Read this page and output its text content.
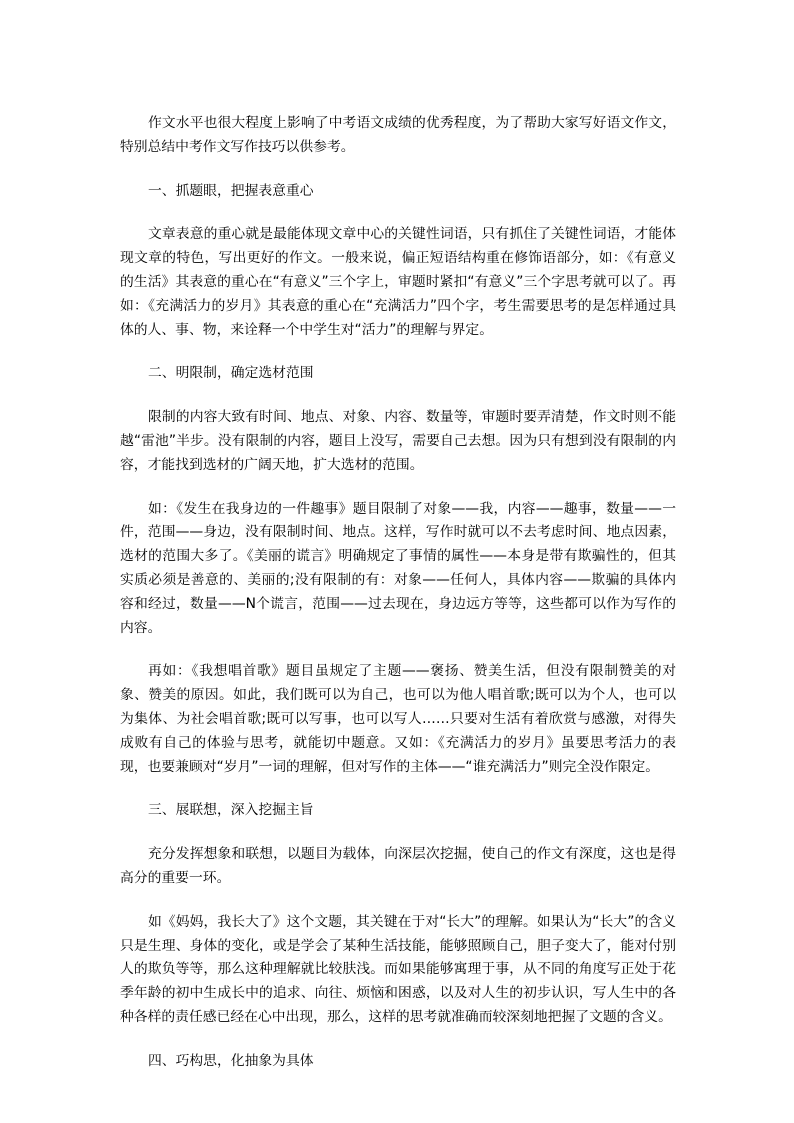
作文水平也很大程度上影响了中考语文成绩的优秀程度，为了帮助大家写好语文作文，特别总结中考作文写作技巧以供参考。

一、抓题眼，把握表意重心

文章表意的重心就是最能体现文章中心的关键性词语，只有抓住了关键性词语，才能体现文章的特色，写出更好的作文。一般来说，偏正短语结构重在修饰语部分，如：《有意义的生活》其表意的重心在“有意义”三个字上，审题时紧扣“有意义”三个字思考就可以了。再如：《充满活力的岁月》其表意的重心在“充满活力”四个字，考生需要思考的是怎样通过具体的人、事、物，来诠释一个中学生对“活力”的理解与界定。

二、明限制，确定选材范围

限制的内容大致有时间、地点、对象、内容、数量等，审题时要弄清楚，作文时则不能越“雷池”半步。没有限制的内容，题目上没写，需要自己去想。因为只有想到没有限制的内容，才能找到选材的广阔天地，扩大选材的范围。

如：《发生在我身边的一件趣事》题目限制了对象——我，内容——趣事，数量——一件，范围——身边，没有限制时间、地点。这样，写作时就可以不去考虑时间、地点因素，选材的范围大多了。《美丽的谎言》明确规定了事情的属性——本身是带有欺骗性的，但其实质必须是善意的、美丽的;没有限制的有：对象——任何人，具体内容——欺骗的具体内容和经过，数量——N个谎言，范围——过去现在，身边远方等等，这些都可以作为写作的内容。

再如：《我想唱首歌》题目虽规定了主题——褒扬、赞美生活，但没有限制赞美的对象、赞美的原因。如此，我们既可以为自己，也可以为他人唱首歌;既可以为个人，也可以为集体、为社会唱首歌;既可以写事，也可以写人……只要对生活有着欣赏与感激，对得失成败有自己的体验与思考，就能切中题意。又如：《充满活力的岁月》虽要思考活力的表现，也要兼顾对“岁月”一词的理解，但对写作的主体——“谁充满活力”则完全没作限定。

三、展联想，深入挖掘主旨

充分发挥想象和联想，以题目为载体，向深层次挖掘，使自己的作文有深度，这也是得高分的重要一环。

如《妈妈，我长大了》这个文题，其关键在于对“长大”的理解。如果认为“长大”的含义只是生理、身体的变化，或是学会了某种生活技能，能够照顾自己，胆子变大了，能对付别人的欺负等等，那么这种理解就比较肤浅。而如果能够寓理于事，从不同的角度写正处于花季年龄的初中生成长中的追求、向往、烦恼和困惑，以及对人生的初步认识，写人生中的各种各样的责任感已经在心中出现，那么，这样的思考就准确而较深刻地把握了文题的含义。

四、巧构思，化抽象为具体
